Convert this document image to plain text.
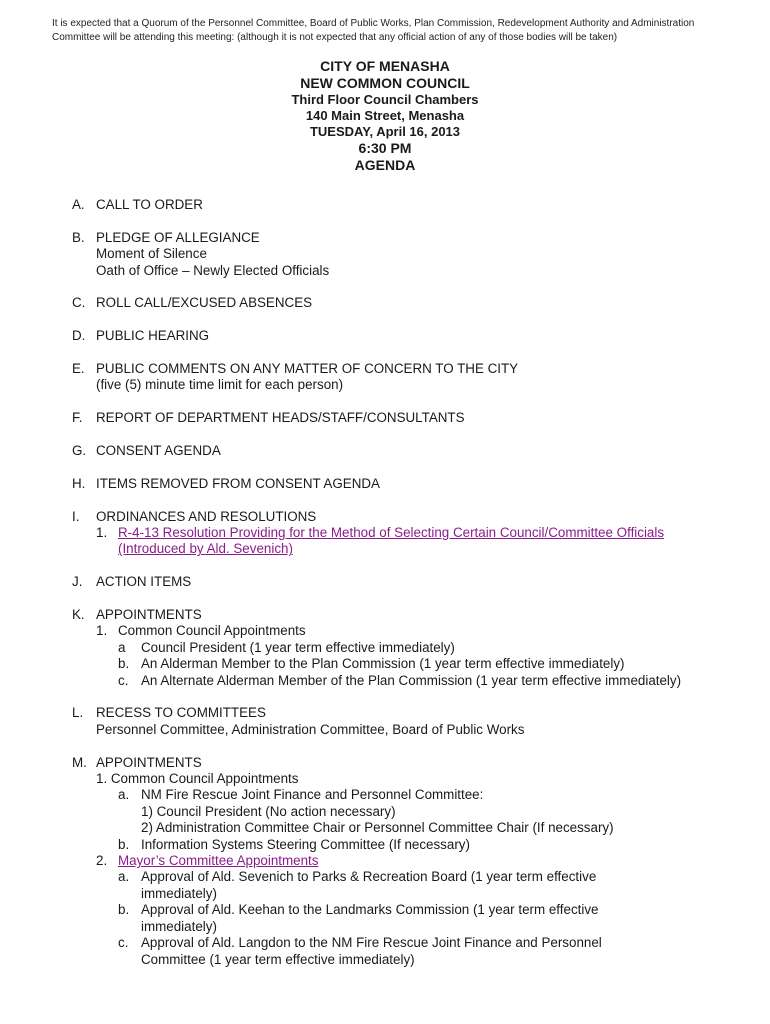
It is expected that a Quorum of the Personnel Committee, Board of Public Works, Plan Commission, Redevelopment Authority and Administration Committee will be attending this meeting: (although it is not expected that any official action of any of those bodies will be taken)
CITY OF MENASHA
NEW COMMON COUNCIL
Third Floor Council Chambers
140 Main Street, Menasha
TUESDAY, April 16, 2013
6:30 PM
AGENDA
A. CALL TO ORDER
B. PLEDGE OF ALLEGIANCE
Moment of Silence
Oath of Office – Newly Elected Officials
C. ROLL CALL/EXCUSED ABSENCES
D. PUBLIC HEARING
E. PUBLIC COMMENTS ON ANY MATTER OF CONCERN TO THE CITY
(five (5) minute time limit for each person)
F.	REPORT OF DEPARTMENT HEADS/STAFF/CONSULTANTS
G. CONSENT AGENDA
H. ITEMS REMOVED FROM CONSENT AGENDA
I.	ORDINANCES AND RESOLUTIONS
1. R-4-13 Resolution Providing for the Method of Selecting Certain Council/Committee Officials
(Introduced by Ald. Sevenich)
J.	ACTION ITEMS
K. APPOINTMENTS
1. Common Council Appointments
a	Council President (1 year term effective immediately)
b. An Alderman Member to the Plan Commission (1 year term effective immediately)
c. An Alternate Alderman Member of the Plan Commission (1 year term effective immediately)
L. RECESS TO COMMITTEES
Personnel Committee, Administration Committee, Board of Public Works
M. APPOINTMENTS
1. Common Council Appointments
a. NM Fire Rescue Joint Finance and Personnel Committee:
1) Council President (No action necessary)
2) Administration Committee Chair or Personnel Committee Chair (If necessary)
b. Information Systems Steering Committee (If necessary)
2. Mayor’s Committee Appointments
a. Approval of Ald. Sevenich to Parks & Recreation Board (1 year term effective
immediately)
b. Approval of Ald. Keehan to the Landmarks Commission (1 year term effective
immediately)
c. Approval of Ald. Langdon to the NM Fire Rescue Joint Finance and Personnel
Committee (1 year term effective immediately)
